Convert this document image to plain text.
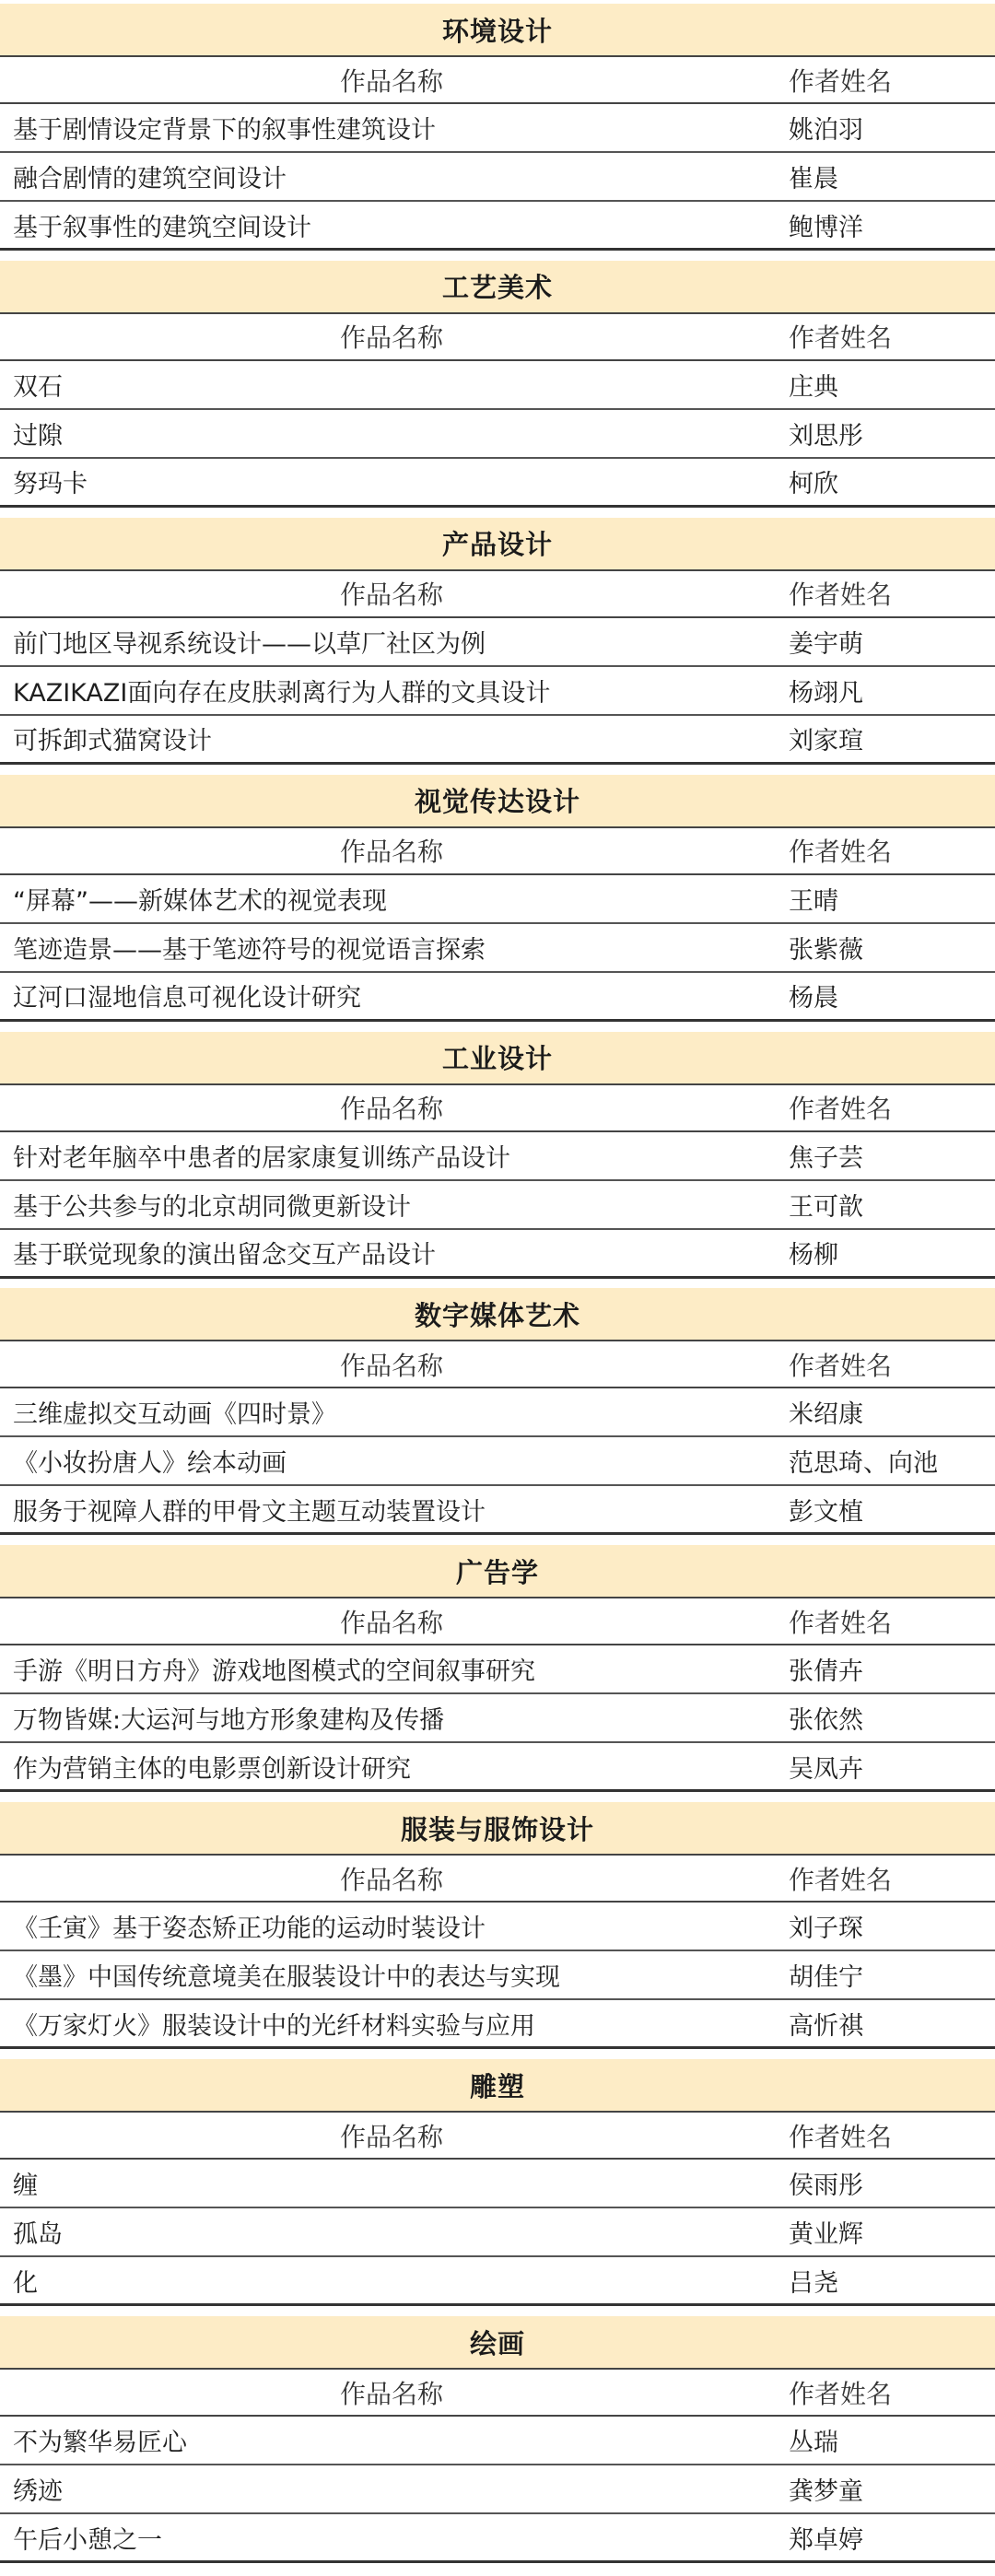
环境设计
作品名称	作者姓名
基于剧情设定背景下的叙事性建筑设计	姚泊羽
融合剧情的建筑空间设计	崔晨
基于叙事性的建筑空间设计	鲍博洋
工艺美术
作品名称	作者姓名
双石	庄典
过隙	刘思彤
努玛卡	柯欣
产品设计
作品名称	作者姓名
前门地区导视系统设计——以草厂社区为例	姜宇萌
KAZIKAZI面向存在皮肤剥离行为人群的文具设计	杨翊凡
可拆卸式猫窝设计	刘家瑄
视觉传达设计
作品名称	作者姓名
“屏幕”——新媒体艺术的视觉表现	王晴
笔迹造景——基于笔迹符号的视觉语言探索	张紫薇
辽河口湿地信息可视化设计研究	杨晨
工业设计
作品名称	作者姓名
针对老年脑卒中患者的居家康复训练产品设计	焦子芸
基于公共参与的北京胡同微更新设计	王可歆
基于联觉现象的演出留念交互产品设计	杨柳
数字媒体艺术
作品名称	作者姓名
三维虚拟交互动画《四时景》	米绍康
《小妆扮唐人》绘本动画	范思琦、向池
服务于视障人群的甲骨文主题互动装置设计	彭文植
广告学
作品名称	作者姓名
手游《明日方舟》游戏地图模式的空间叙事研究	张倩卉
万物皆媒:大运河与地方形象建构及传播	张依然
作为营销主体的电影票创新设计研究	吴凤卉
服装与服饰设计
作品名称	作者姓名
《壬寅》基于姿态矫正功能的运动时装设计	刘子琛
《墨》中国传统意境美在服装设计中的表达与实现	胡佳宁
《万家灯火》服装设计中的光纤材料实验与应用	高忻祺
雕塑
作品名称	作者姓名
缠	侯雨彤
孤岛	黄业辉
化	吕尧
绘画
作品名称	作者姓名
不为繁华易匠心	丛瑞
绣迹	龚梦童
午后小憩之一	郑卓婷
